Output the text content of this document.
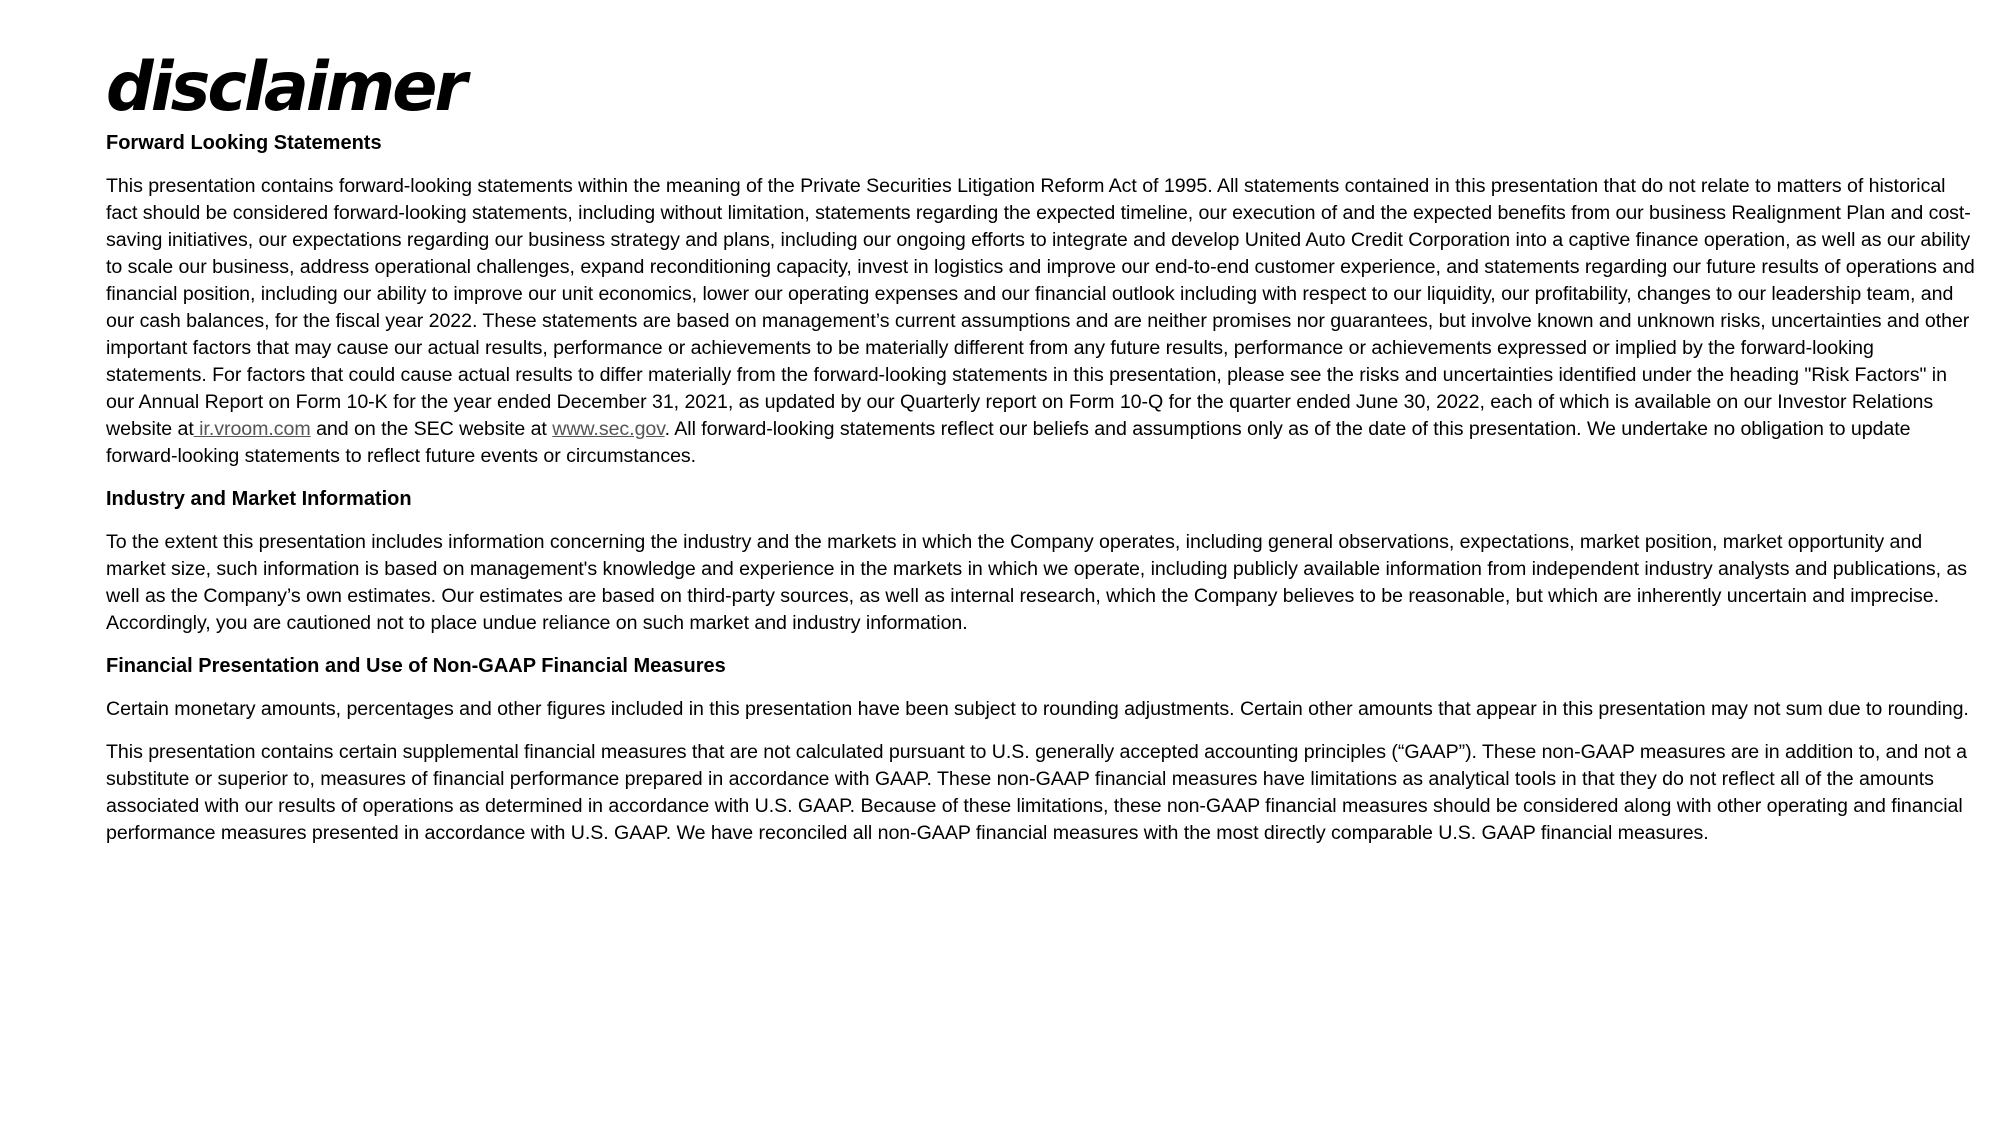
disclaimer
Forward Looking Statements

This presentation contains forward-looking statements within the meaning of the Private Securities Litigation Reform Act of 1995. All statements contained in this presentation that do not relate to matters of historical fact should be considered forward-looking statements, including without limitation, statements regarding the expected timeline, our execution of and the expected benefits from our business Realignment Plan and cost-saving initiatives, our expectations regarding our business strategy and plans, including our ongoing efforts to integrate and develop United Auto Credit Corporation into a captive finance operation, as well as our ability to scale our business, address operational challenges, expand reconditioning capacity, invest in logistics and improve our end-to-end customer experience, and statements regarding our future results of operations and financial position, including our ability to improve our unit economics, lower our operating expenses and our financial outlook including with respect to our liquidity, our profitability, changes to our leadership team, and our cash balances, for the fiscal year 2022. These statements are based on management’s current assumptions and are neither promises nor guarantees, but involve known and unknown risks, uncertainties and other important factors that may cause our actual results, performance or achievements to be materially different from any future results, performance or achievements expressed or implied by the forward-looking statements. For factors that could cause actual results to differ materially from the forward-looking statements in this presentation, please see the risks and uncertainties identified under the heading "Risk Factors" in our Annual Report on Form 10-K for the year ended December 31, 2021, as updated by our Quarterly report on Form 10-Q for the quarter ended June 30, 2022, each of which is available on our Investor Relations website at ir.vroom.com and on the SEC website at www.sec.gov. All forward-looking statements reflect our beliefs and assumptions only as of the date of this presentation. We undertake no obligation to update forward-looking statements to reflect future events or circumstances.

Industry and Market Information

To the extent this presentation includes information concerning the industry and the markets in which the Company operates, including general observations, expectations, market position, market opportunity and market size, such information is based on management's knowledge and experience in the markets in which we operate, including publicly available information from independent industry analysts and publications, as well as the Company’s own estimates. Our estimates are based on third-party sources, as well as internal research, which the Company believes to be reasonable, but which are inherently uncertain and imprecise. Accordingly, you are cautioned not to place undue reliance on such market and industry information.

Financial Presentation and Use of Non-GAAP Financial Measures

Certain monetary amounts, percentages and other figures included in this presentation have been subject to rounding adjustments. Certain other amounts that appear in this presentation may not sum due to rounding.

This presentation contains certain supplemental financial measures that are not calculated pursuant to U.S. generally accepted accounting principles (“GAAP”). These non-GAAP measures are in addition to, and not a substitute or superior to, measures of financial performance prepared in accordance with GAAP. These non-GAAP financial measures have limitations as analytical tools in that they do not reflect all of the amounts associated with our results of operations as determined in accordance with U.S. GAAP. Because of these limitations, these non-GAAP financial measures should be considered along with other operating and financial performance measures presented in accordance with U.S. GAAP. We have reconciled all non-GAAP financial measures with the most directly comparable U.S. GAAP financial measures.
